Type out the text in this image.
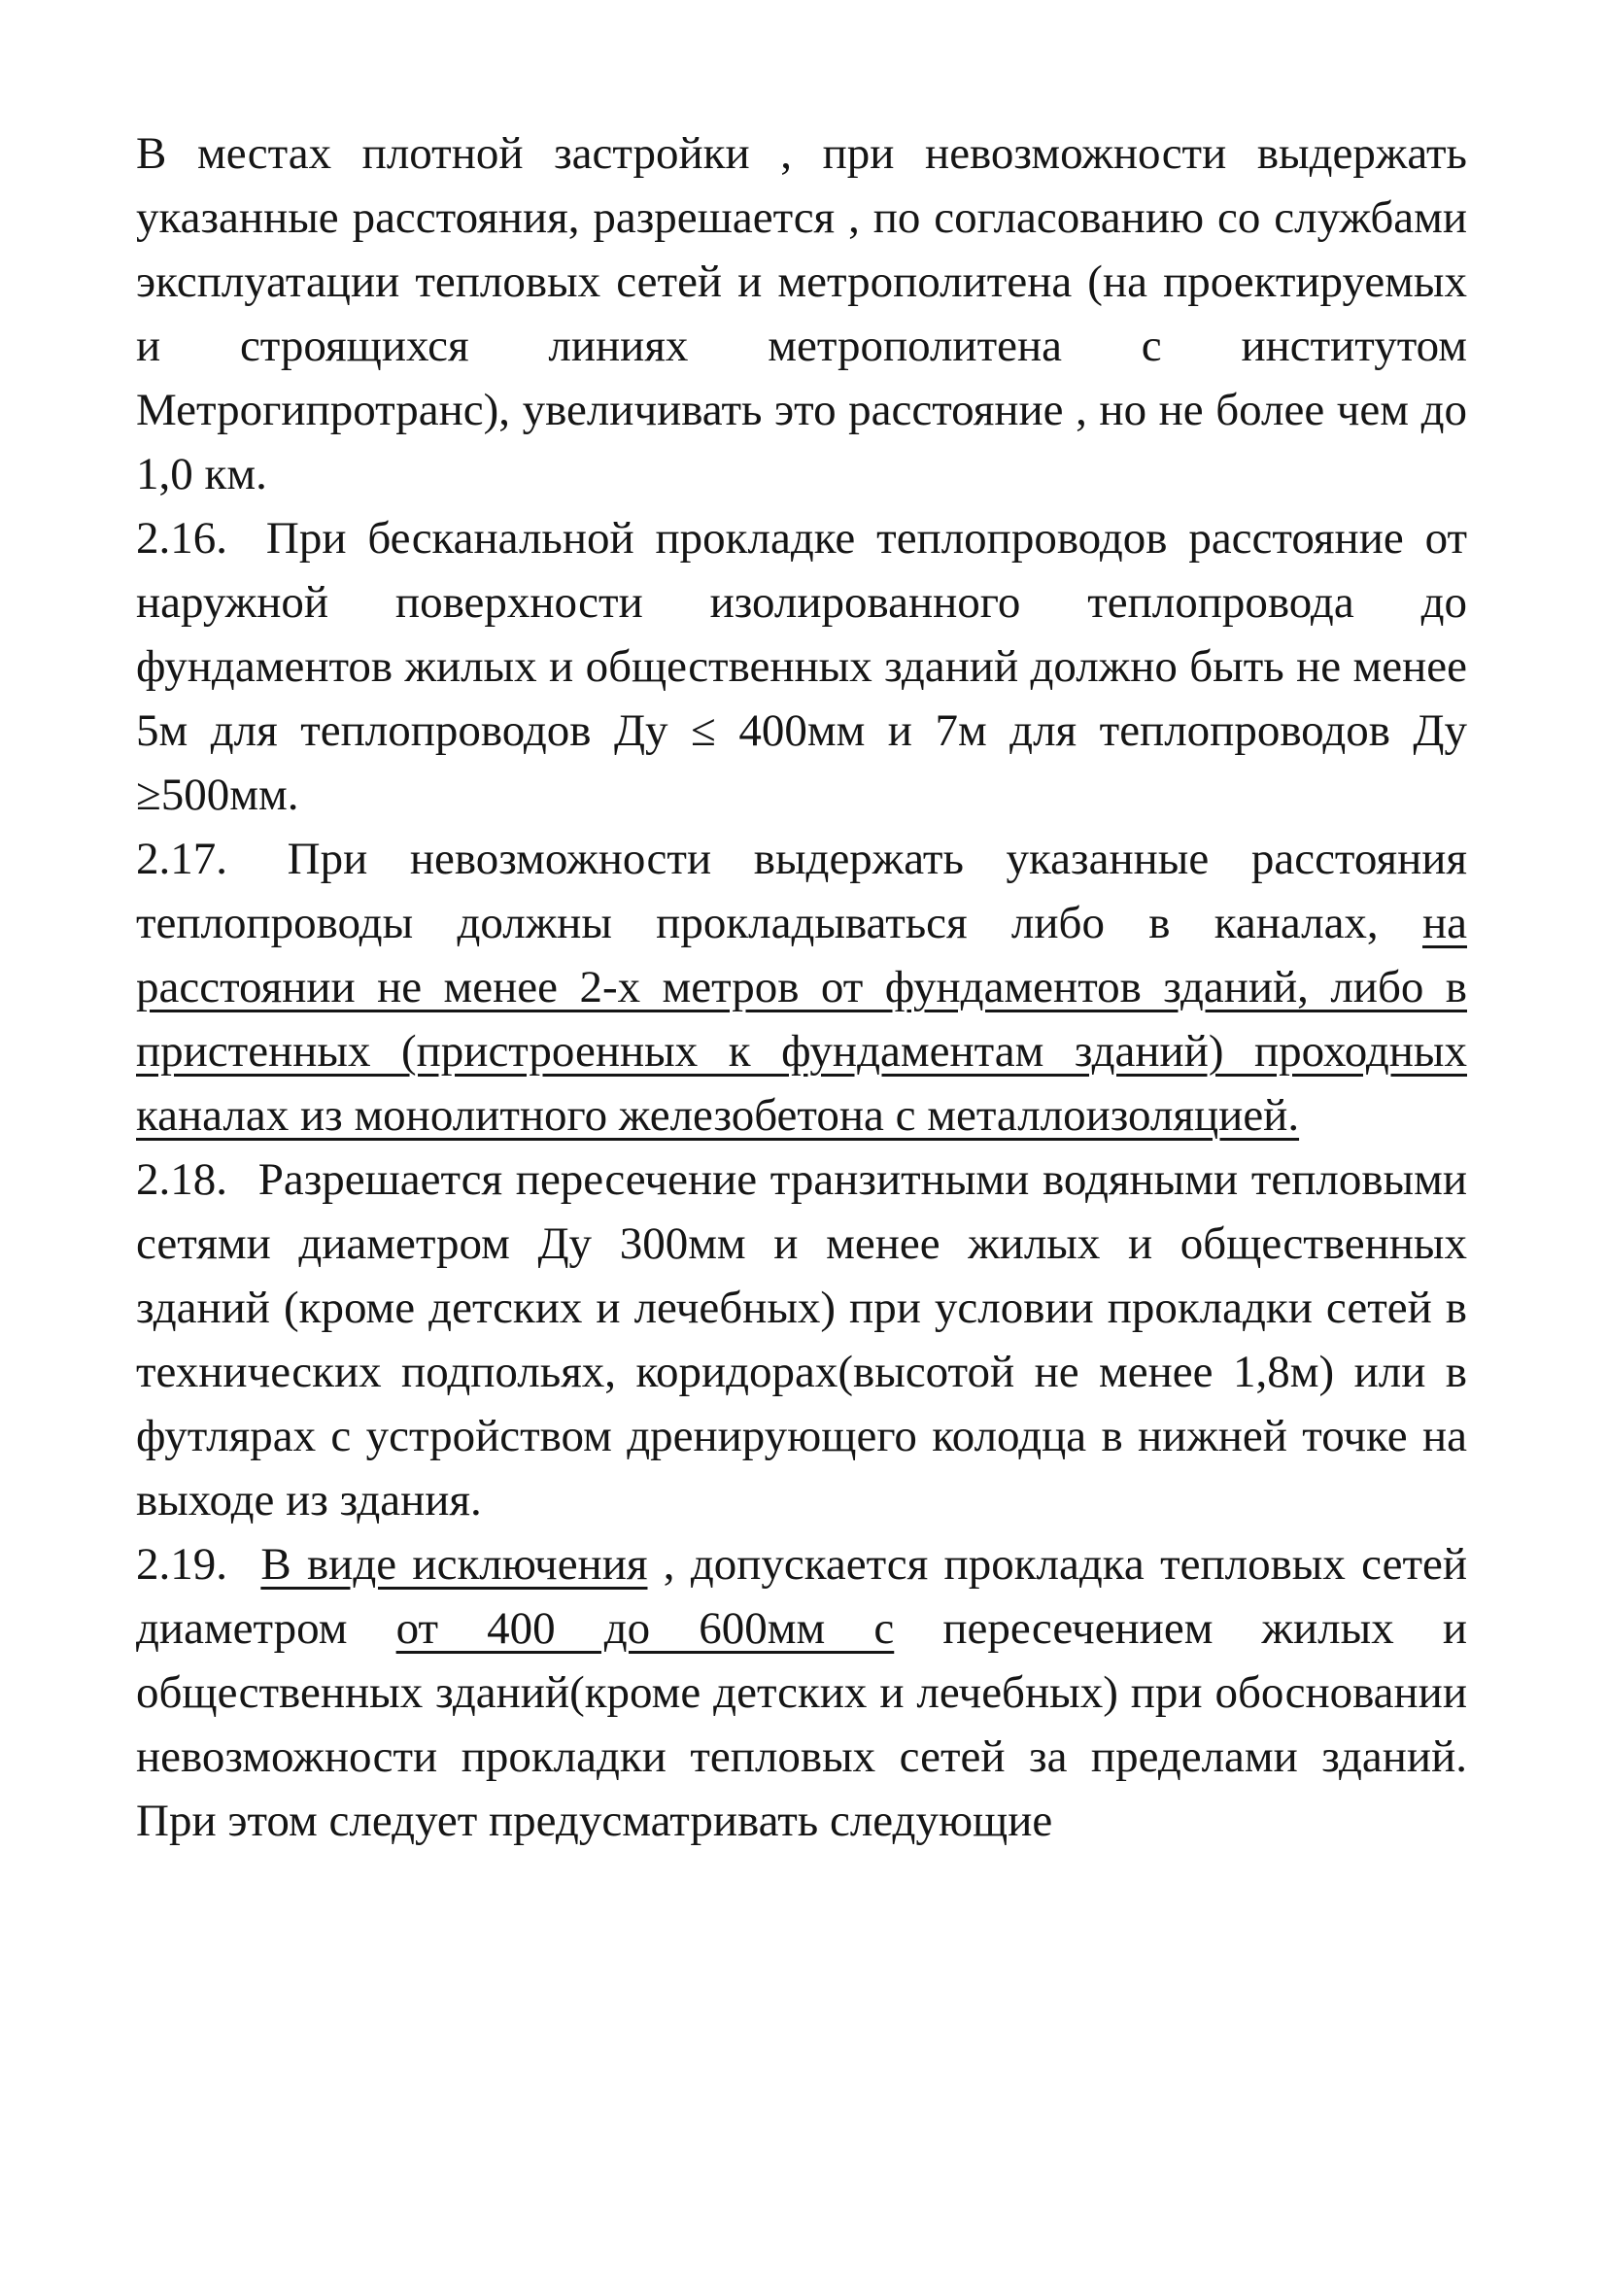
В местах плотной застройки , при невозможности выдержать указанные расстояния, разрешается , по согласованию со службами эксплуатации тепловых сетей и метрополитена (на проектируемых и строящихся линиях метрополитена с институтом Метрогипротранс), увеличивать это расстояние , но не более чем до 1,0 км.

2.16. При бесканальной прокладке теплопроводов расстояние от наружной поверхности изолированного теплопровода до фундаментов жилых и общественных зданий должно быть не менее 5м для теплопроводов Ду ≤ 400мм и 7м для теплопроводов Ду ≥500мм.

2.17. При невозможности выдержать указанные расстояния теплопроводы должны прокладываться либо в каналах, на расстоянии не менее 2-х метров от фундаментов зданий, либо в пристенных (пристроенных к фундаментам зданий) проходных каналах из монолитного железобетона с металлоизоляцией.

2.18. Разрешается пересечение транзитными водяными тепловыми сетями диаметром Ду 300мм и менее жилых и общественных зданий (кроме детских и лечебных) при условии прокладки сетей в технических подпольях, коридорах(высотой не менее 1,8м) или в футлярах с устройством дренирующего колодца в нижней точке на выходе из здания.

2.19. В виде исключения , допускается прокладка тепловых сетей диаметром от 400 до 600мм с пересечением жилых и общественных зданий(кроме детских и лечебных) при обосновании невозможности прокладки тепловых сетей за пределами зданий. При этом следует предусматривать следующие
